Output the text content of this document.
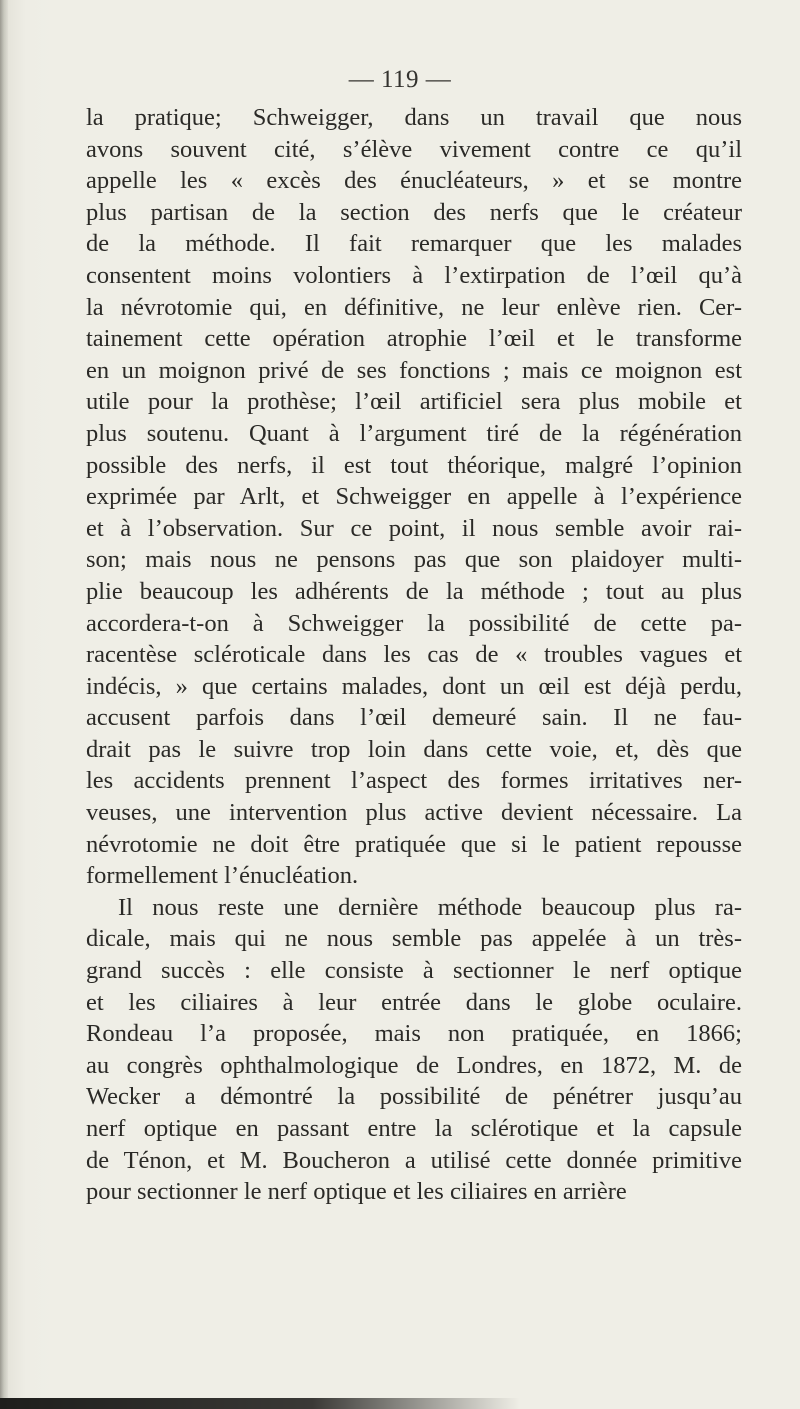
— 119 —
la pratique; Schweigger, dans un travail que nous
avons souvent cité, s’élève vivement contre ce qu’il
appelle les « excès des énucléateurs, » et se montre
plus partisan de la section des nerfs que le créateur
de la méthode. Il fait remarquer que les malades
consentent moins volontiers à l’extirpation de l’œil qu’à
la névrotomie qui, en définitive, ne leur enlève rien. Cer-
tainement cette opération atrophie l’œil et le transforme
en un moignon privé de ses fonctions ; mais ce moignon est
utile pour la prothèse; l’œil artificiel sera plus mobile et
plus soutenu. Quant à l’argument tiré de la régénération
possible des nerfs, il est tout théorique, malgré l’opinion
exprimée par Arlt, et Schweigger en appelle à l’expérience
et à l’observation. Sur ce point, il nous semble avoir rai-
son; mais nous ne pensons pas que son plaidoyer multi-
plie beaucoup les adhérents de la méthode ; tout au plus
accordera-t-on à Schweigger la possibilité de cette pa-
racentèse scléroticale dans les cas de « troubles vagues et
indécis, » que certains malades, dont un œil est déjà perdu,
accusent parfois dans l’œil demeuré sain. Il ne fau-
drait pas le suivre trop loin dans cette voie, et, dès que
les accidents prennent l’aspect des formes irritatives ner-
veuses, une intervention plus active devient nécessaire. La
névrotomie ne doit être pratiquée que si le patient repousse
formellement l’énucléation.
Il nous reste une dernière méthode beaucoup plus ra-
dicale, mais qui ne nous semble pas appelée à un très-
grand succès : elle consiste à sectionner le nerf optique
et les ciliaires à leur entrée dans le globe oculaire.
Rondeau l’a proposée, mais non pratiquée, en 1866;
au congrès ophthalmologique de Londres, en 1872, M. de
Wecker a démontré la possibilité de pénétrer jusqu’au
nerf optique en passant entre la sclérotique et la capsule
de Ténon, et M. Boucheron a utilisé cette donnée primitive
pour sectionner le nerf optique et les ciliaires en arrière
